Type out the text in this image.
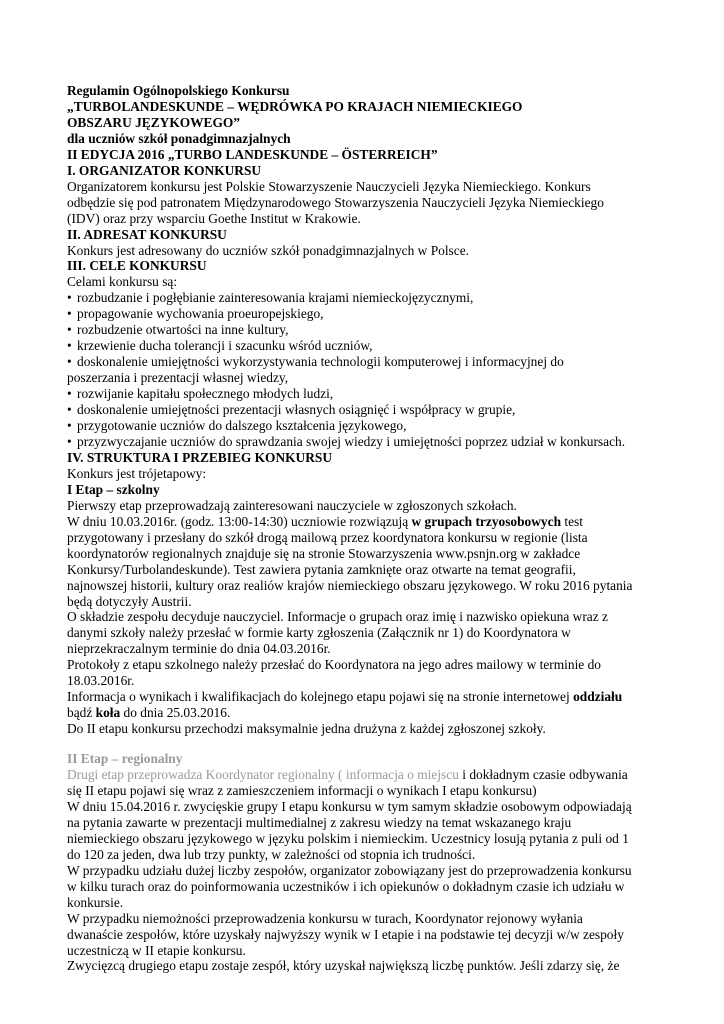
Regulamin Ogólnopolskiego Konkursu
„TURBOLANDESKUNDE – WĘDRÓWKA PO KRAJACH NIEMIECKIEGO
OBSZARU JĘZYKOWEGO”
dla uczniów szkół ponadgimnazjalnych
II EDYCJA 2016 „TURBO LANDESKUNDE – ÖSTERREICH”
I. ORGANIZATOR KONKURSU
Organizatorem konkursu jest Polskie Stowarzyszenie Nauczycieli Języka Niemieckiego. Konkurs
odbędzie się pod patronatem Międzynarodowego Stowarzyszenia Nauczycieli Języka Niemieckiego
(IDV) oraz przy wsparciu Goethe Institut w Krakowie.
II. ADRESAT KONKURSU
Konkurs jest adresowany do uczniów szkół ponadgimnazjalnych w Polsce.
III. CELE KONKURSU
Celami konkursu są:
• rozbudzanie i pogłębianie zainteresowania krajami niemieckojęzycznymi,
• propagowanie wychowania proeuropejskiego,
• rozbudzenie otwartości na inne kultury,
• krzewienie ducha tolerancji i szacunku wśród uczniów,
• doskonalenie umiejętności wykorzystywania technologii komputerowej i informacyjnej do
poszerzania i prezentacji własnej wiedzy,
• rozwijanie kapitału społecznego młodych ludzi,
• doskonalenie umiejętności prezentacji własnych osiągnięć i współpracy w grupie,
• przygotowanie uczniów do dalszego kształcenia językowego,
• przyzwyczajanie uczniów do sprawdzania swojej wiedzy i umiejętności poprzez udział w konkursach.
IV. STRUKTURA I PRZEBIEG KONKURSU
Konkurs jest trójetapowy:
I Etap – szkolny
Pierwszy etap przeprowadzają zainteresowani nauczyciele w zgłoszonych szkołach.
W dniu 10.03.2016r. (godz. 13:00-14:30) uczniowie rozwiązują w grupach trzyosobowych test
przygotowany i przesłany do szkół drogą mailową przez koordynatora konkursu w regionie (lista
koordynatorów regionalnych znajduje się na stronie Stowarzyszenia www.psnjn.org w zakładce
Konkursy/Turbolandeskunde). Test zawiera pytania zamknięte oraz otwarte na temat geografii,
najnowszej historii, kultury oraz realiów krajów niemieckiego obszaru językowego. W roku 2016 pytania
będą dotyczyły Austrii.
O składzie zespołu decyduje nauczyciel. Informacje o grupach oraz imię i nazwisko opiekuna wraz z
danymi szkoły należy przesłać w formie karty zgłoszenia (Załącznik nr 1) do Koordynatora w
nieprzekraczalnym terminie do dnia 04.03.2016r.
Protokoły z etapu szkolnego należy przesłać do Koordynatora na jego adres mailowy w terminie do
18.03.2016r.
Informacja o wynikach i kwalifikacjach do kolejnego etapu pojawi się na stronie internetowej oddziału
bądź koła do dnia 25.03.2016.
Do II etapu konkursu przechodzi maksymalnie jedna drużyna z każdej zgłoszonej szkoły.
II Etap – regionalny
Drugi etap przeprowadza Koordynator regionalny ( informacja o miejscu i dokładnym czasie odbywania
się II etapu pojawi się wraz z zamieszczeniem informacji o wynikach I etapu konkursu)
W dniu 15.04.2016 r. zwycięskie grupy I etapu konkursu w tym samym składzie osobowym odpowiadają
na pytania zawarte w prezentacji multimedialnej z zakresu wiedzy na temat wskazanego kraju
niemieckiego obszaru językowego w języku polskim i niemieckim. Uczestnicy losują pytania z puli od 1
do 120 za jeden, dwa lub trzy punkty, w zależności od stopnia ich trudności.
W przypadku udziału dużej liczby zespołów, organizator zobowiązany jest do przeprowadzenia konkursu
w kilku turach oraz do poinformowania uczestników i ich opiekunów o dokładnym czasie ich udziału w
konkursie.
W przypadku niemożności przeprowadzenia konkursu w turach, Koordynator rejonowy wyłania
dwanaście zespołów, które uzyskały najwyższy wynik w I etapie i na podstawie tej decyzji w/w zespoły
uczestniczą w II etapie konkursu.
Zwycięzcą drugiego etapu zostaje zespół, który uzyskał największą liczbę punktów. Jeśli zdarzy się, że
